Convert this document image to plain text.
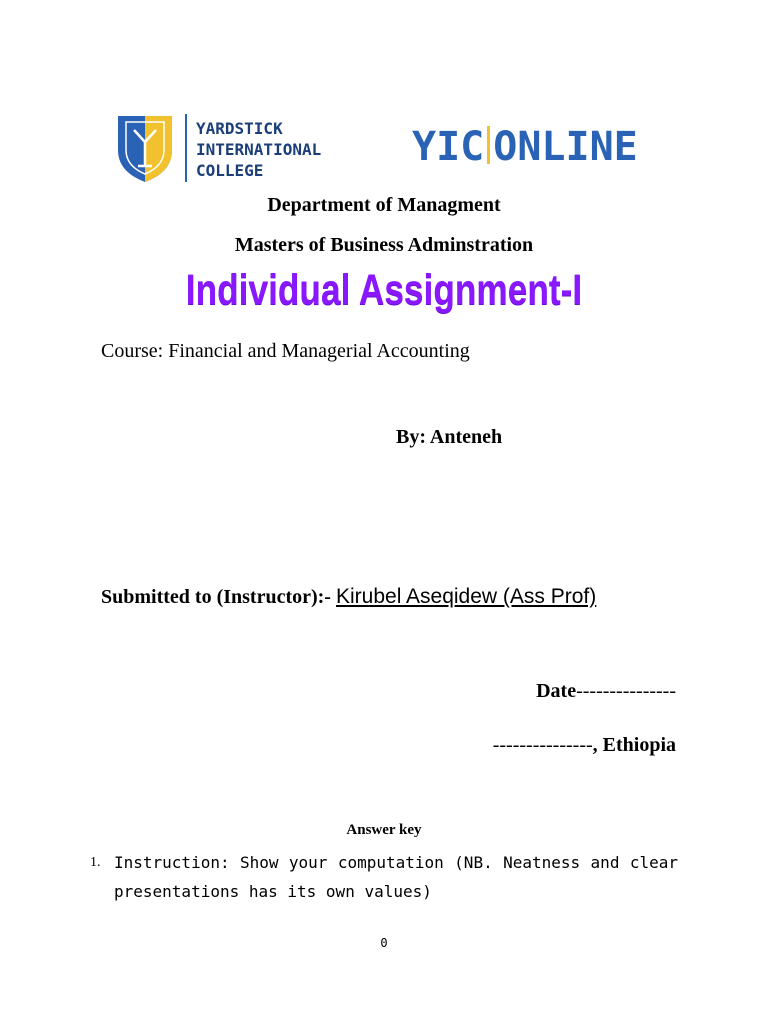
YARDSTICK
INTERNATIONAL
COLLEGE
YIC ONLINE
Department of Managment
Masters of Business Adminstration
Individual Assignment-I
Course: Financial and Managerial Accounting
By: Anteneh
Submitted to (Instructor):- Kirubel Aseqidew (Ass Prof)
Date---------------
---------------, Ethiopia
Answer key
1. Instruction: Show your computation (NB. Neatness and clear presentations has its own values)
0
